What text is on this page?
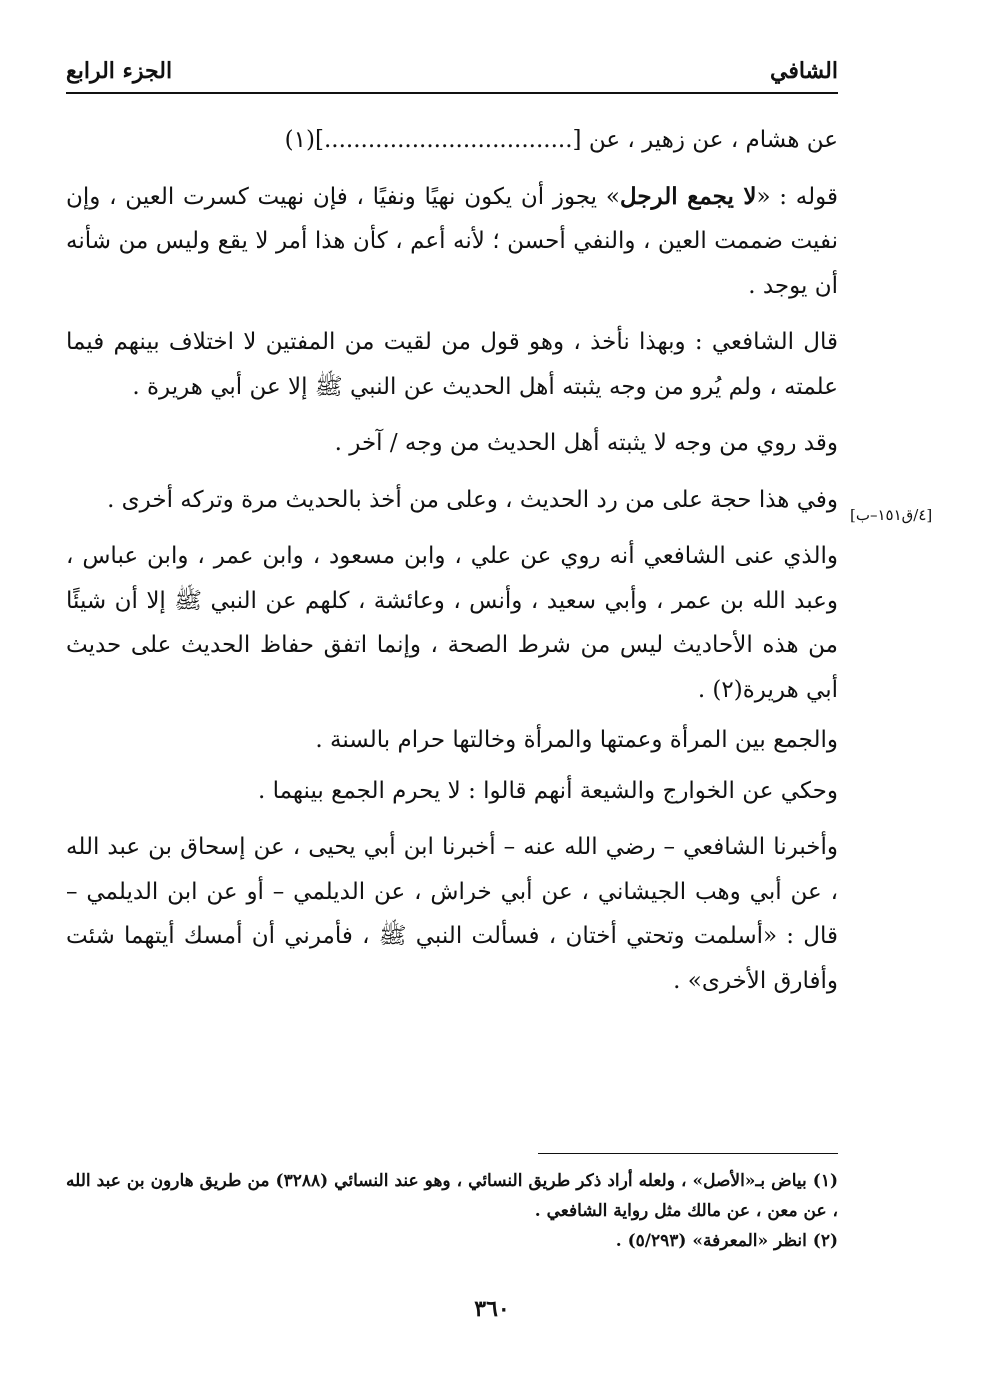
الشافي
الجزء الرابع
[٤/ق١٥١–ب]

عن هشام ، عن زهير ، عن [..................................](١)

قوله : «لا يجمع الرجل» يجوز أن يكون نهيًا ونفيًا ، فإن نهيت كسرت العين ، وإن نفيت ضممت العين ، والنفي أحسن ؛ لأنه أعم ، كأن هذا أمر لا يقع وليس من شأنه أن يوجد .

قال الشافعي : وبهذا نأخذ ، وهو قول من لقيت من المفتين لا اختلاف بينهم فيما علمته ، ولم يُرو من وجه يثبته أهل الحديث عن النبي ﷺ إلا عن أبي هريرة .

وقد روي من وجه لا يثبته أهل الحديث من وجه / آخر .

وفي هذا حجة على من رد الحديث ، وعلى من أخذ بالحديث مرة وتركه أخرى .

والذي عنى الشافعي أنه روي عن علي ، وابن مسعود ، وابن عمر ، وابن عباس ، وعبد الله بن عمر ، وأبي سعيد ، وأنس ، وعائشة ، كلهم عن النبي ﷺ إلا أن شيئًا من هذه الأحاديث ليس من شرط الصحة ، وإنما اتفق حفاظ الحديث على حديث أبي هريرة(٢) .

والجمع بين المرأة وعمتها والمرأة وخالتها حرام بالسنة .

وحكي عن الخوارج والشيعة أنهم قالوا : لا يحرم الجمع بينهما .

وأخبرنا الشافعي – رضي الله عنه – أخبرنا ابن أبي يحيى ، عن إسحاق بن عبد الله ، عن أبي وهب الجيشاني ، عن أبي خراش ، عن الديلمي – أو عن ابن الديلمي – قال : «أسلمت وتحتي أختان ، فسألت النبي ﷺ ، فأمرني أن أمسك أيتهما شئت وأفارق الأخرى» .

(١) بياض بـ«الأصل» ، ولعله أراد ذكر طريق النسائي ، وهو عند النسائي (٣٢٨٨) من طريق هارون بن عبد الله ، عن معن ، عن مالك مثل رواية الشافعي .

(٢) انظر «المعرفة» (٥/٢٩٣) .

٣٦٠
